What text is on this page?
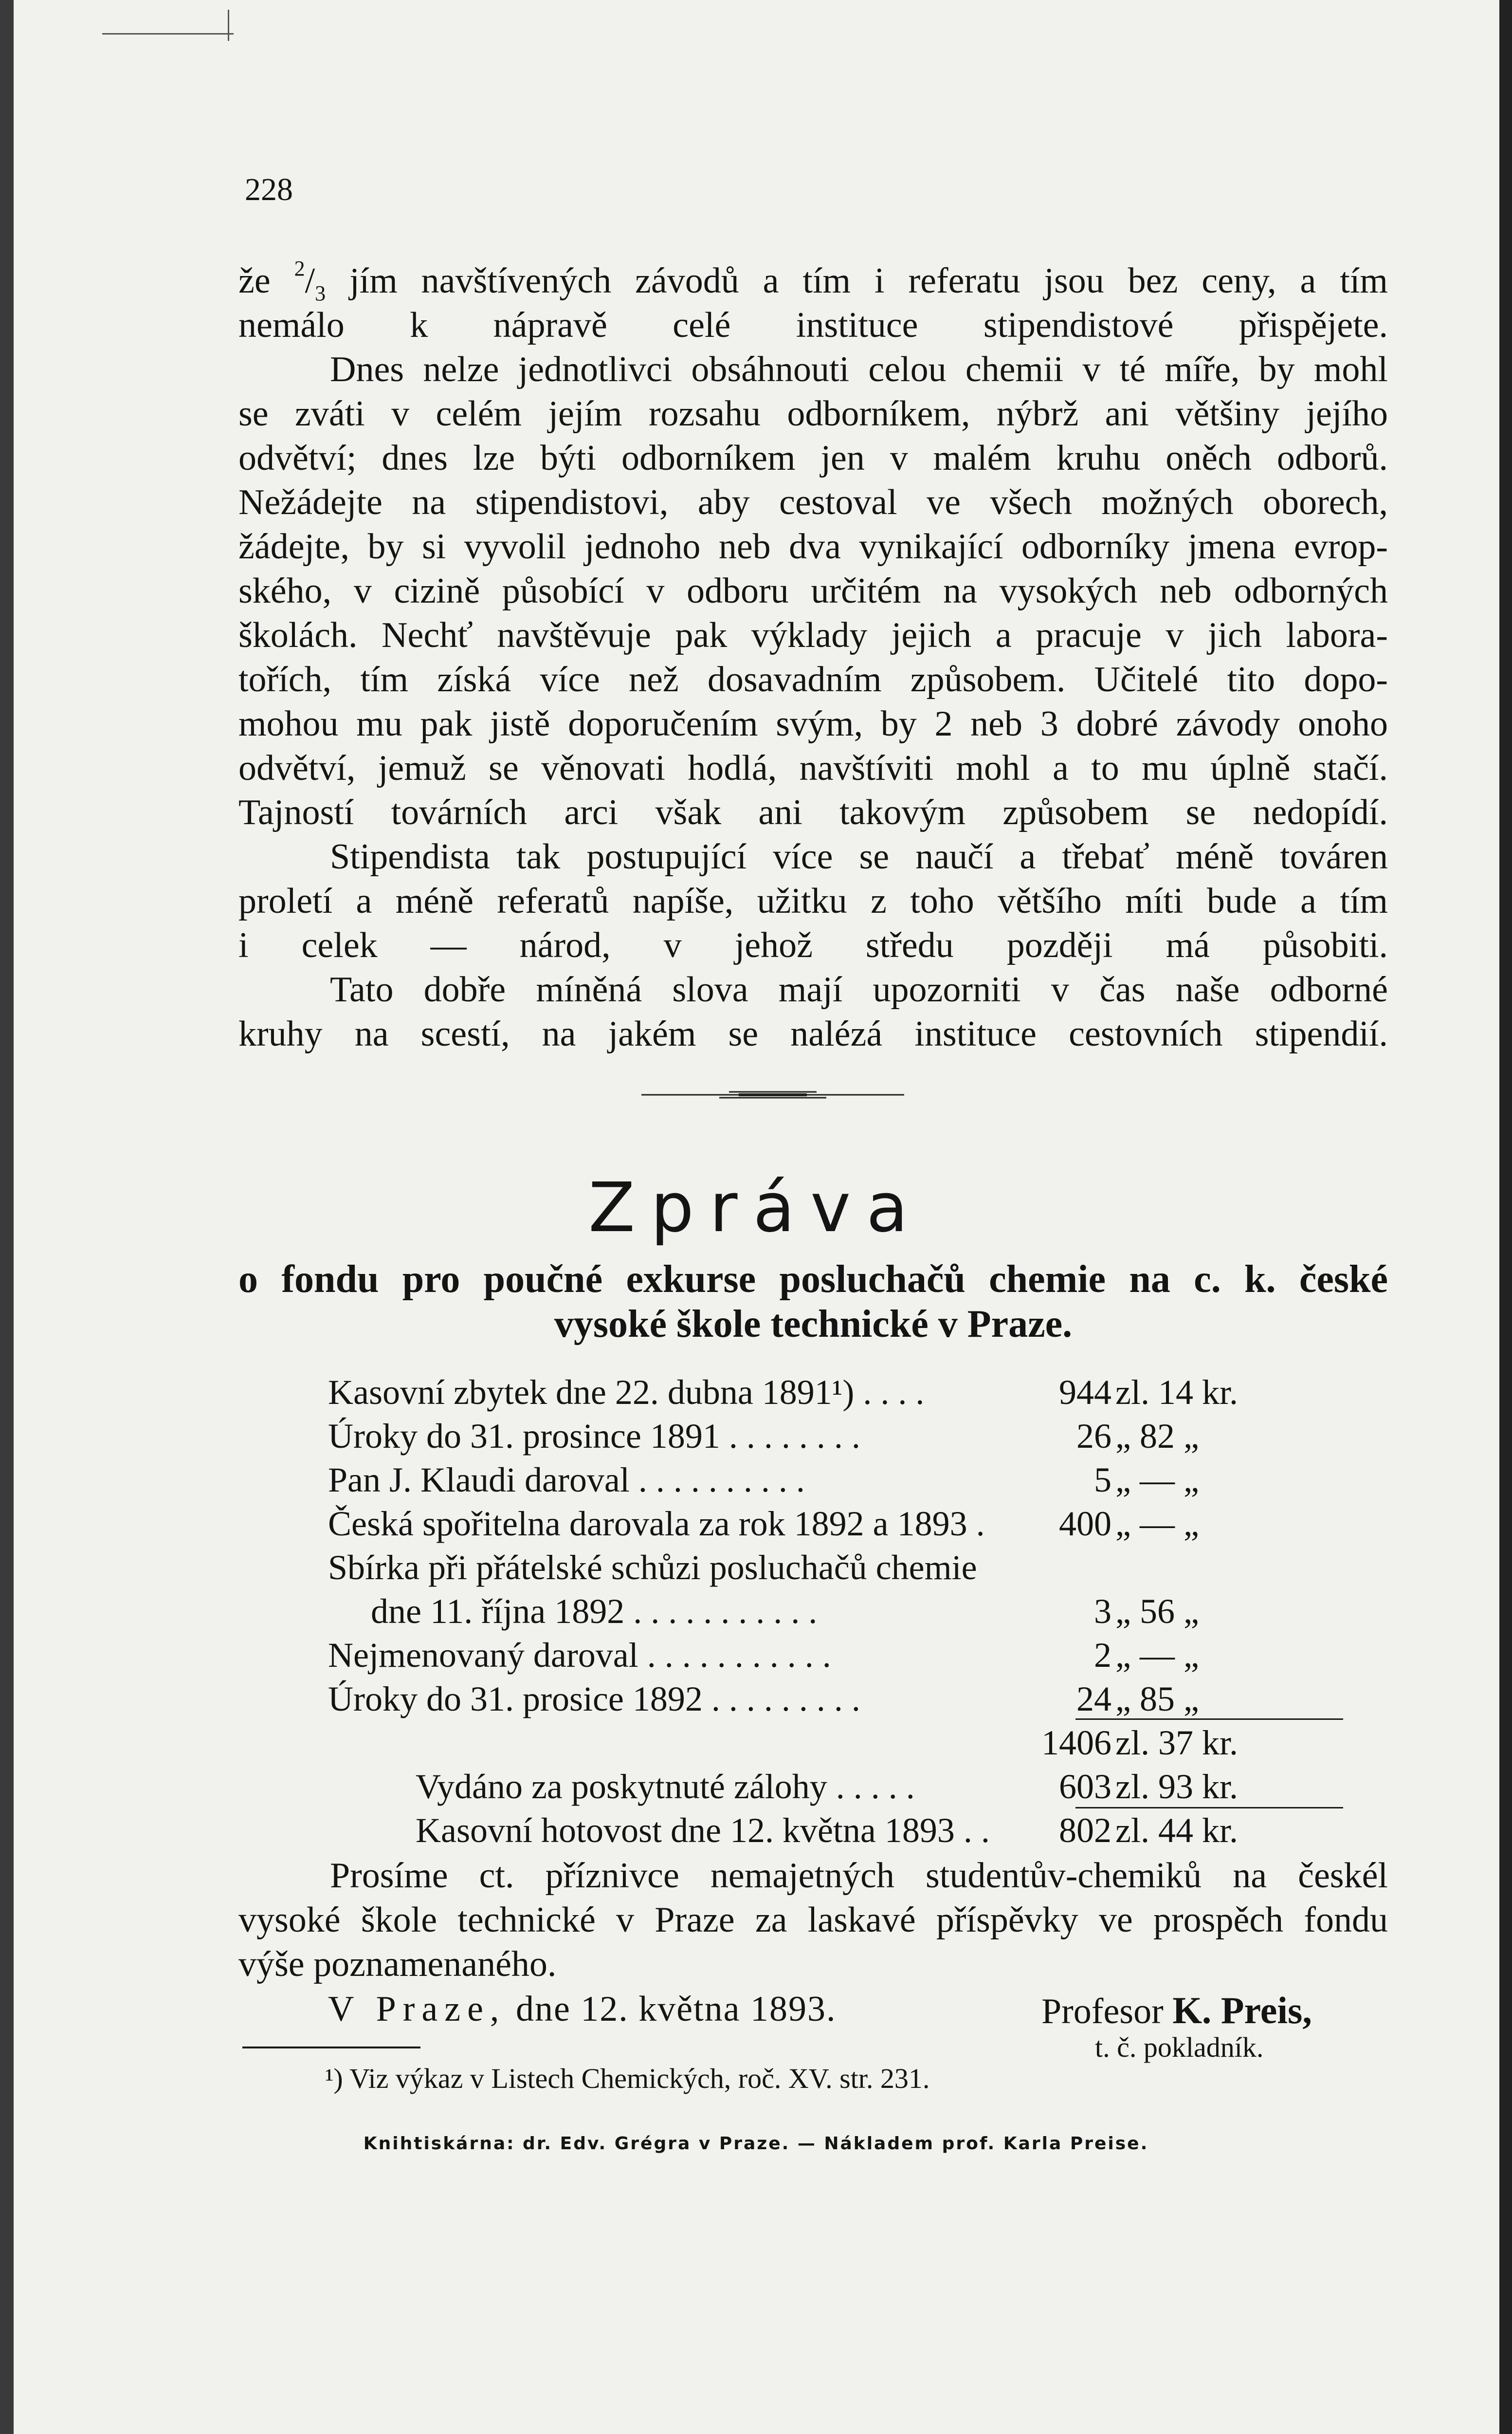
228
že $^2$/3 jím navštívených závodů a tím i referatu jsou bez ceny, a tím
nemálo k nápravě celé instituce stipendistové přispějete.
Dnes nelze jednotlivci obsáhnouti celou chemii v té míře, by mohl
se zváti v celém jejím rozsahu odborníkem, nýbrž ani většiny jejího
odvětví; dnes lze býti odborníkem jen v malém kruhu oněch odborů.
Nežádejte na stipendistovi, aby cestoval ve všech možných oborech,
žádejte, by si vyvolil jednoho neb dva vynikající odborníky jmena evrop-
ského, v cizině působící v odboru určitém na vysokých neb odborných
školách. Nechť navštěvuje pak výklady jejich a pracuje v jich labora-
tořích, tím získá více než dosavadním způsobem. Učitelé tito dopo-
mohou mu pak jistě doporučením svým, by 2 neb 3 dobré závody onoho
odvětví, jemuž se věnovati hodlá, navštíviti mohl a to mu úplně stačí.
Tajností továrních arci však ani takovým způsobem se nedopídí.
Stipendista tak postupující více se naučí a třebať méně továren
proletí a méně referatů napíše, užitku z toho většího míti bude a tím
i celek — národ, v jehož středu později má působiti.
Tato dobře míněná slova mají upozorniti v čas naše odborné
kruhy na scestí, na jakém se nalézá instituce cestovních stipendií.
Zpráva
o fondu pro poučné exkurse posluchačů chemie na c. k. české
vysoké škole technické v Praze.
Kasovní zbytek dne 22. dubna 1891¹) . . . .	944 zl. 14 kr.
Úroky do 31. prosince 1891 . . . . . . . .	26 „ 82 „
Pan J. Klaudi daroval . . . . . . . . . .	5 „ — „
Česká spořitelna darovala za rok 1892 a 1893 . 400 „ — „
Sbírka při přátelské schůzi posluchačů chemie
dne 11. října 1892 . . . . . . . . . . .	3 „ 56 „
Nejmenovaný daroval . . . . . . . . . . .	2 „ — „
Úroky do 31. prosice 1892 . . . . . . . . .	24 „ 85 „
1406 zl. 37 kr.
Vydáno za poskytnuté zálohy . . . . .	603 zl. 93 kr.
Kasovní hotovost dne 12. května 1893 . . 802 zl. 44 kr.
Prosíme ct. příznivce nemajetných studentův-chemiků na českél
vysoké škole technické v Praze za laskavé příspěvky ve prospěch fondu
výše poznamenaného.
V Praze, dne 12. května 1893.	Profesor K. Preis,
t. č. pokladník.
¹) Viz výkaz v Listech Chemických, roč. XV. str. 231.
Knihtiskárna: dr. Edv. Grégra v Praze. — Nákladem prof. Karla Preise.
